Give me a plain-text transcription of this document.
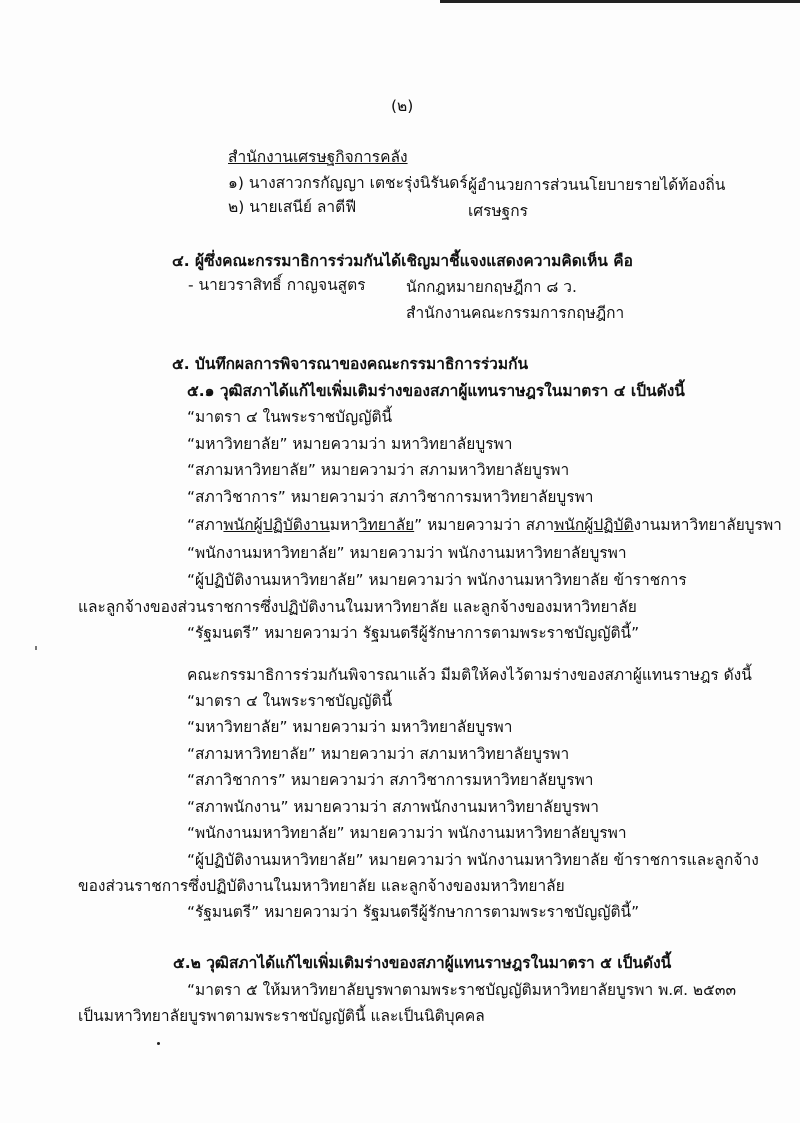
(๒)
สำนักงานเศรษฐกิจการคลัง
๑) นางสาวกรกัญญา เตชะรุ่งนิรันดร์ ผู้อำนวยการส่วนนโยบายรายได้ท้องถิ่น
๒) นายเสนีย์ ลาตีฟี	เศรษฐกร
๔. ผู้ซึ่งคณะกรรมาธิการร่วมกันได้เชิญมาชี้แจงแสดงความคิดเห็น คือ
- นายวราสิทธิ์ กาญจนสูตร	นักกฎหมายกฤษฎีกา ๘ ว.
สำนักงานคณะกรรมการกฤษฎีกา
๕. บันทึกผลการพิจารณาของคณะกรรมาธิการร่วมกัน
๕.๑ วุฒิสภาได้แก้ไขเพิ่มเติมร่างของสภาผู้แทนราษฎรในมาตรา ๔ เป็นดังนี้
“มาตรา ๔ ในพระราชบัญญัตินี้
“มหาวิทยาลัย” หมายความว่า มหาวิทยาลัยบูรพา
“สภามหาวิทยาลัย” หมายความว่า สภามหาวิทยาลัยบูรพา
“สภาวิชาการ” หมายความว่า สภาวิชาการมหาวิทยาลัยบูรพา
“สภาพนักผู้ปฏิบัติงานมหาวิทยาลัย” หมายความว่า สภาพนักผู้ปฏิบัติงานมหาวิทยาลัยบูรพา
“พนักงานมหาวิทยาลัย” หมายความว่า พนักงานมหาวิทยาลัยบูรพา
“ผู้ปฏิบัติงานมหาวิทยาลัย” หมายความว่า พนักงานมหาวิทยาลัย ข้าราชการ
และลูกจ้างของส่วนราชการซึ่งปฏิบัติงานในมหาวิทยาลัย และลูกจ้างของมหาวิทยาลัย
“รัฐมนตรี” หมายความว่า รัฐมนตรีผู้รักษาการตามพระราชบัญญัตินี้”
คณะกรรมาธิการร่วมกันพิจารณาแล้ว มีมติให้คงไว้ตามร่างของสภาผู้แทนราษฎร ดังนี้
“มาตรา ๔ ในพระราชบัญญัตินี้
“มหาวิทยาลัย” หมายความว่า มหาวิทยาลัยบูรพา
“สภามหาวิทยาลัย” หมายความว่า สภามหาวิทยาลัยบูรพา
“สภาวิชาการ” หมายความว่า สภาวิชาการมหาวิทยาลัยบูรพา
“สภาพนักงาน” หมายความว่า สภาพนักงานมหาวิทยาลัยบูรพา
“พนักงานมหาวิทยาลัย” หมายความว่า พนักงานมหาวิทยาลัยบูรพา
“ผู้ปฏิบัติงานมหาวิทยาลัย” หมายความว่า พนักงานมหาวิทยาลัย ข้าราชการและลูกจ้าง
ของส่วนราชการซึ่งปฏิบัติงานในมหาวิทยาลัย และลูกจ้างของมหาวิทยาลัย
“รัฐมนตรี” หมายความว่า รัฐมนตรีผู้รักษาการตามพระราชบัญญัตินี้”
๕.๒ วุฒิสภาได้แก้ไขเพิ่มเติมร่างของสภาผู้แทนราษฎรในมาตรา ๕ เป็นดังนี้
“มาตรา ๕ ให้มหาวิทยาลัยบูรพาตามพระราชบัญญัติมหาวิทยาลัยบูรพา พ.ศ. ๒๕๓๓
เป็นมหาวิทยาลัยบูรพาตามพระราชบัญญัตินี้ และเป็นนิติบุคคล
